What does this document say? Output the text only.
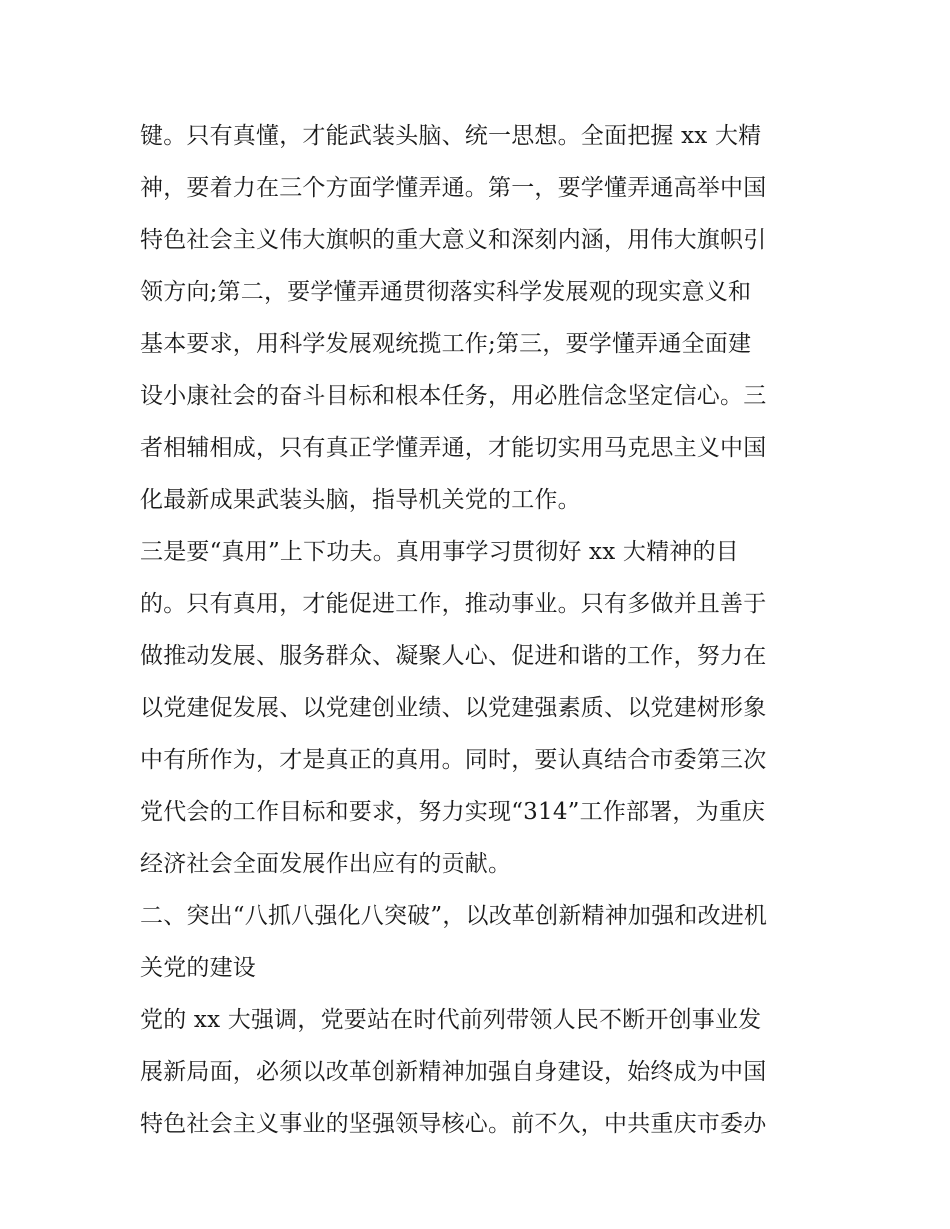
键。只有真懂，才能武装头脑、统一思想。全面把握 xx 大精
神，要着力在三个方面学懂弄通。第一，要学懂弄通高举中国
特色社会主义伟大旗帜的重大意义和深刻内涵，用伟大旗帜引
领方向;第二，要学懂弄通贯彻落实科学发展观的现实意义和
基本要求，用科学发展观统揽工作;第三，要学懂弄通全面建
设小康社会的奋斗目标和根本任务，用必胜信念坚定信心。三
者相辅相成，只有真正学懂弄通，才能切实用马克思主义中国
化最新成果武装头脑，指导机关党的工作。
三是要“真用”上下功夫。真用事学习贯彻好 xx 大精神的目
的。只有真用，才能促进工作，推动事业。只有多做并且善于
做推动发展、服务群众、凝聚人心、促进和谐的工作，努力在
以党建促发展、以党建创业绩、以党建强素质、以党建树形象
中有所作为，才是真正的真用。同时，要认真结合市委第三次
党代会的工作目标和要求，努力实现“314”工作部署，为重庆
经济社会全面发展作出应有的贡献。
二、突出“八抓八强化八突破”，以改革创新精神加强和改进机
关党的建设
党的 xx 大强调，党要站在时代前列带领人民不断开创事业发
展新局面，必须以改革创新精神加强自身建设，始终成为中国
特色社会主义事业的坚强领导核心。前不久，中共重庆市委办
